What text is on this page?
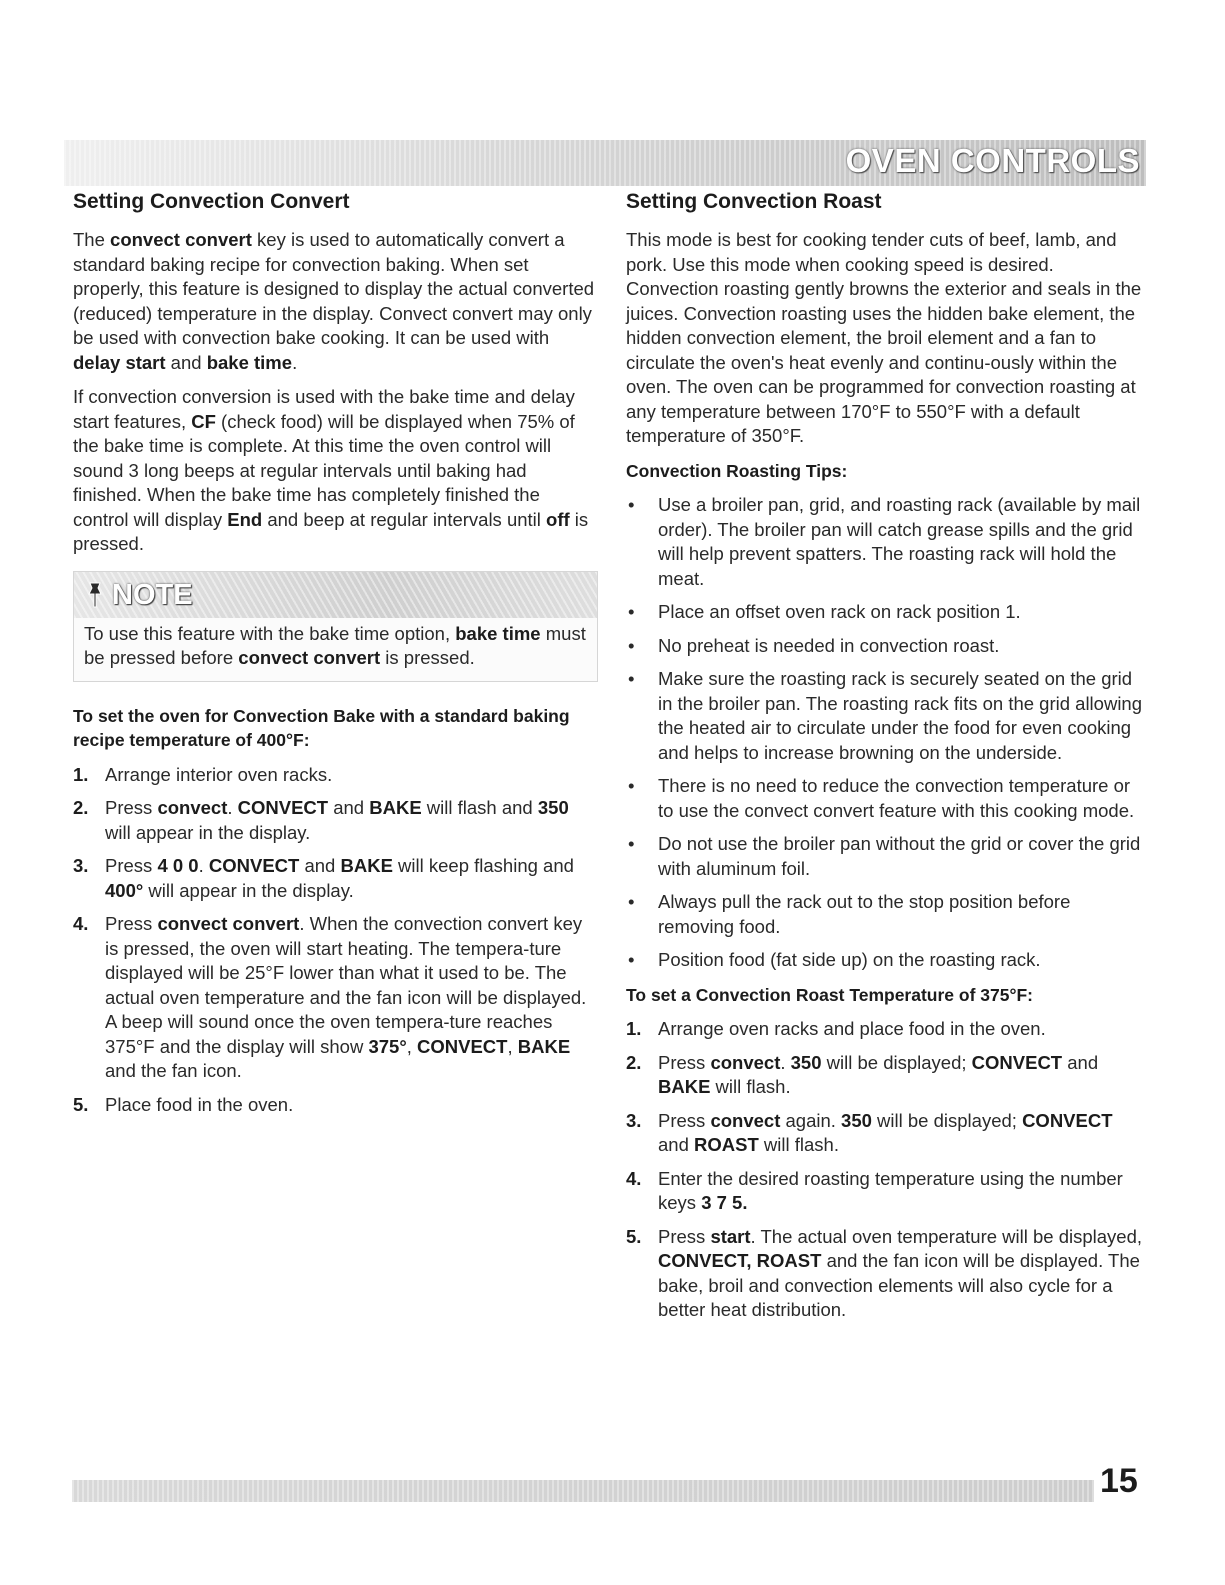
OVEN CONTROLS
Setting Convection Convert

The convect convert key is used to automatically convert a standard baking recipe for convection baking. When set properly, this feature is designed to display the actual converted (reduced) temperature in the display. Convect convert may only be used with convection bake cooking. It can be used with delay start and bake time.

If convection conversion is used with the bake time and delay start features, CF (check food) will be displayed when 75% of the bake time is complete. At this time the oven control will sound 3 long beeps at regular intervals until baking had finished. When the bake time has completely finished the control will display End and beep at regular intervals until off is pressed.

NOTE

To use this feature with the bake time option, bake time must be pressed before convect convert is pressed.

To set the oven for Convection Bake with a standard baking recipe temperature of 400°F:
1. Arrange interior oven racks.
2. Press convect. CONVECT and BAKE will flash and 350 will appear in the display.
3. Press 4 0 0. CONVECT and BAKE will keep flashing and 400° will appear in the display.
4. Press convect convert. When the convection convert key is pressed, the oven will start heating. The tempera-ture displayed will be 25°F lower than what it used to be. The actual oven temperature and the fan icon will be displayed. A beep will sound once the oven tempera-ture reaches 375°F and the display will show 375°, CONVECT, BAKE and the fan icon.
5. Place food in the oven.
Setting Convection Roast

This mode is best for cooking tender cuts of beef, lamb, and pork. Use this mode when cooking speed is desired. Convection roasting gently browns the exterior and seals in the juices. Convection roasting uses the hidden bake element, the hidden convection element, the broil element and a fan to circulate the oven's heat evenly and continu-ously within the oven. The oven can be programmed for convection roasting at any temperature between 170°F to 550°F with a default temperature of 350°F.

Convection Roasting Tips:
• Use a broiler pan, grid, and roasting rack (available by mail order). The broiler pan will catch grease spills and the grid will help prevent spatters. The roasting rack will hold the meat.
• Place an offset oven rack on rack position 1.
• No preheat is needed in convection roast.
• Make sure the roasting rack is securely seated on the grid in the broiler pan. The roasting rack fits on the grid allowing the heated air to circulate under the food for even cooking and helps to increase browning on the underside.
• There is no need to reduce the convection temperature or to use the convect convert feature with this cooking mode.
• Do not use the broiler pan without the grid or cover the grid with aluminum foil.
• Always pull the rack out to the stop position before removing food.
• Position food (fat side up) on the roasting rack.
To set a Convection Roast Temperature of 375°F:
1. Arrange oven racks and place food in the oven.
2. Press convect. 350 will be displayed; CONVECT and BAKE will flash.
3. Press convect again. 350 will be displayed; CONVECT and ROAST will flash.
4. Enter the desired roasting temperature using the number keys 3 7 5.
5. Press start. The actual oven temperature will be displayed, CONVECT, ROAST and the fan icon will be displayed. The bake, broil and convection elements will also cycle for a better heat distribution.
15
